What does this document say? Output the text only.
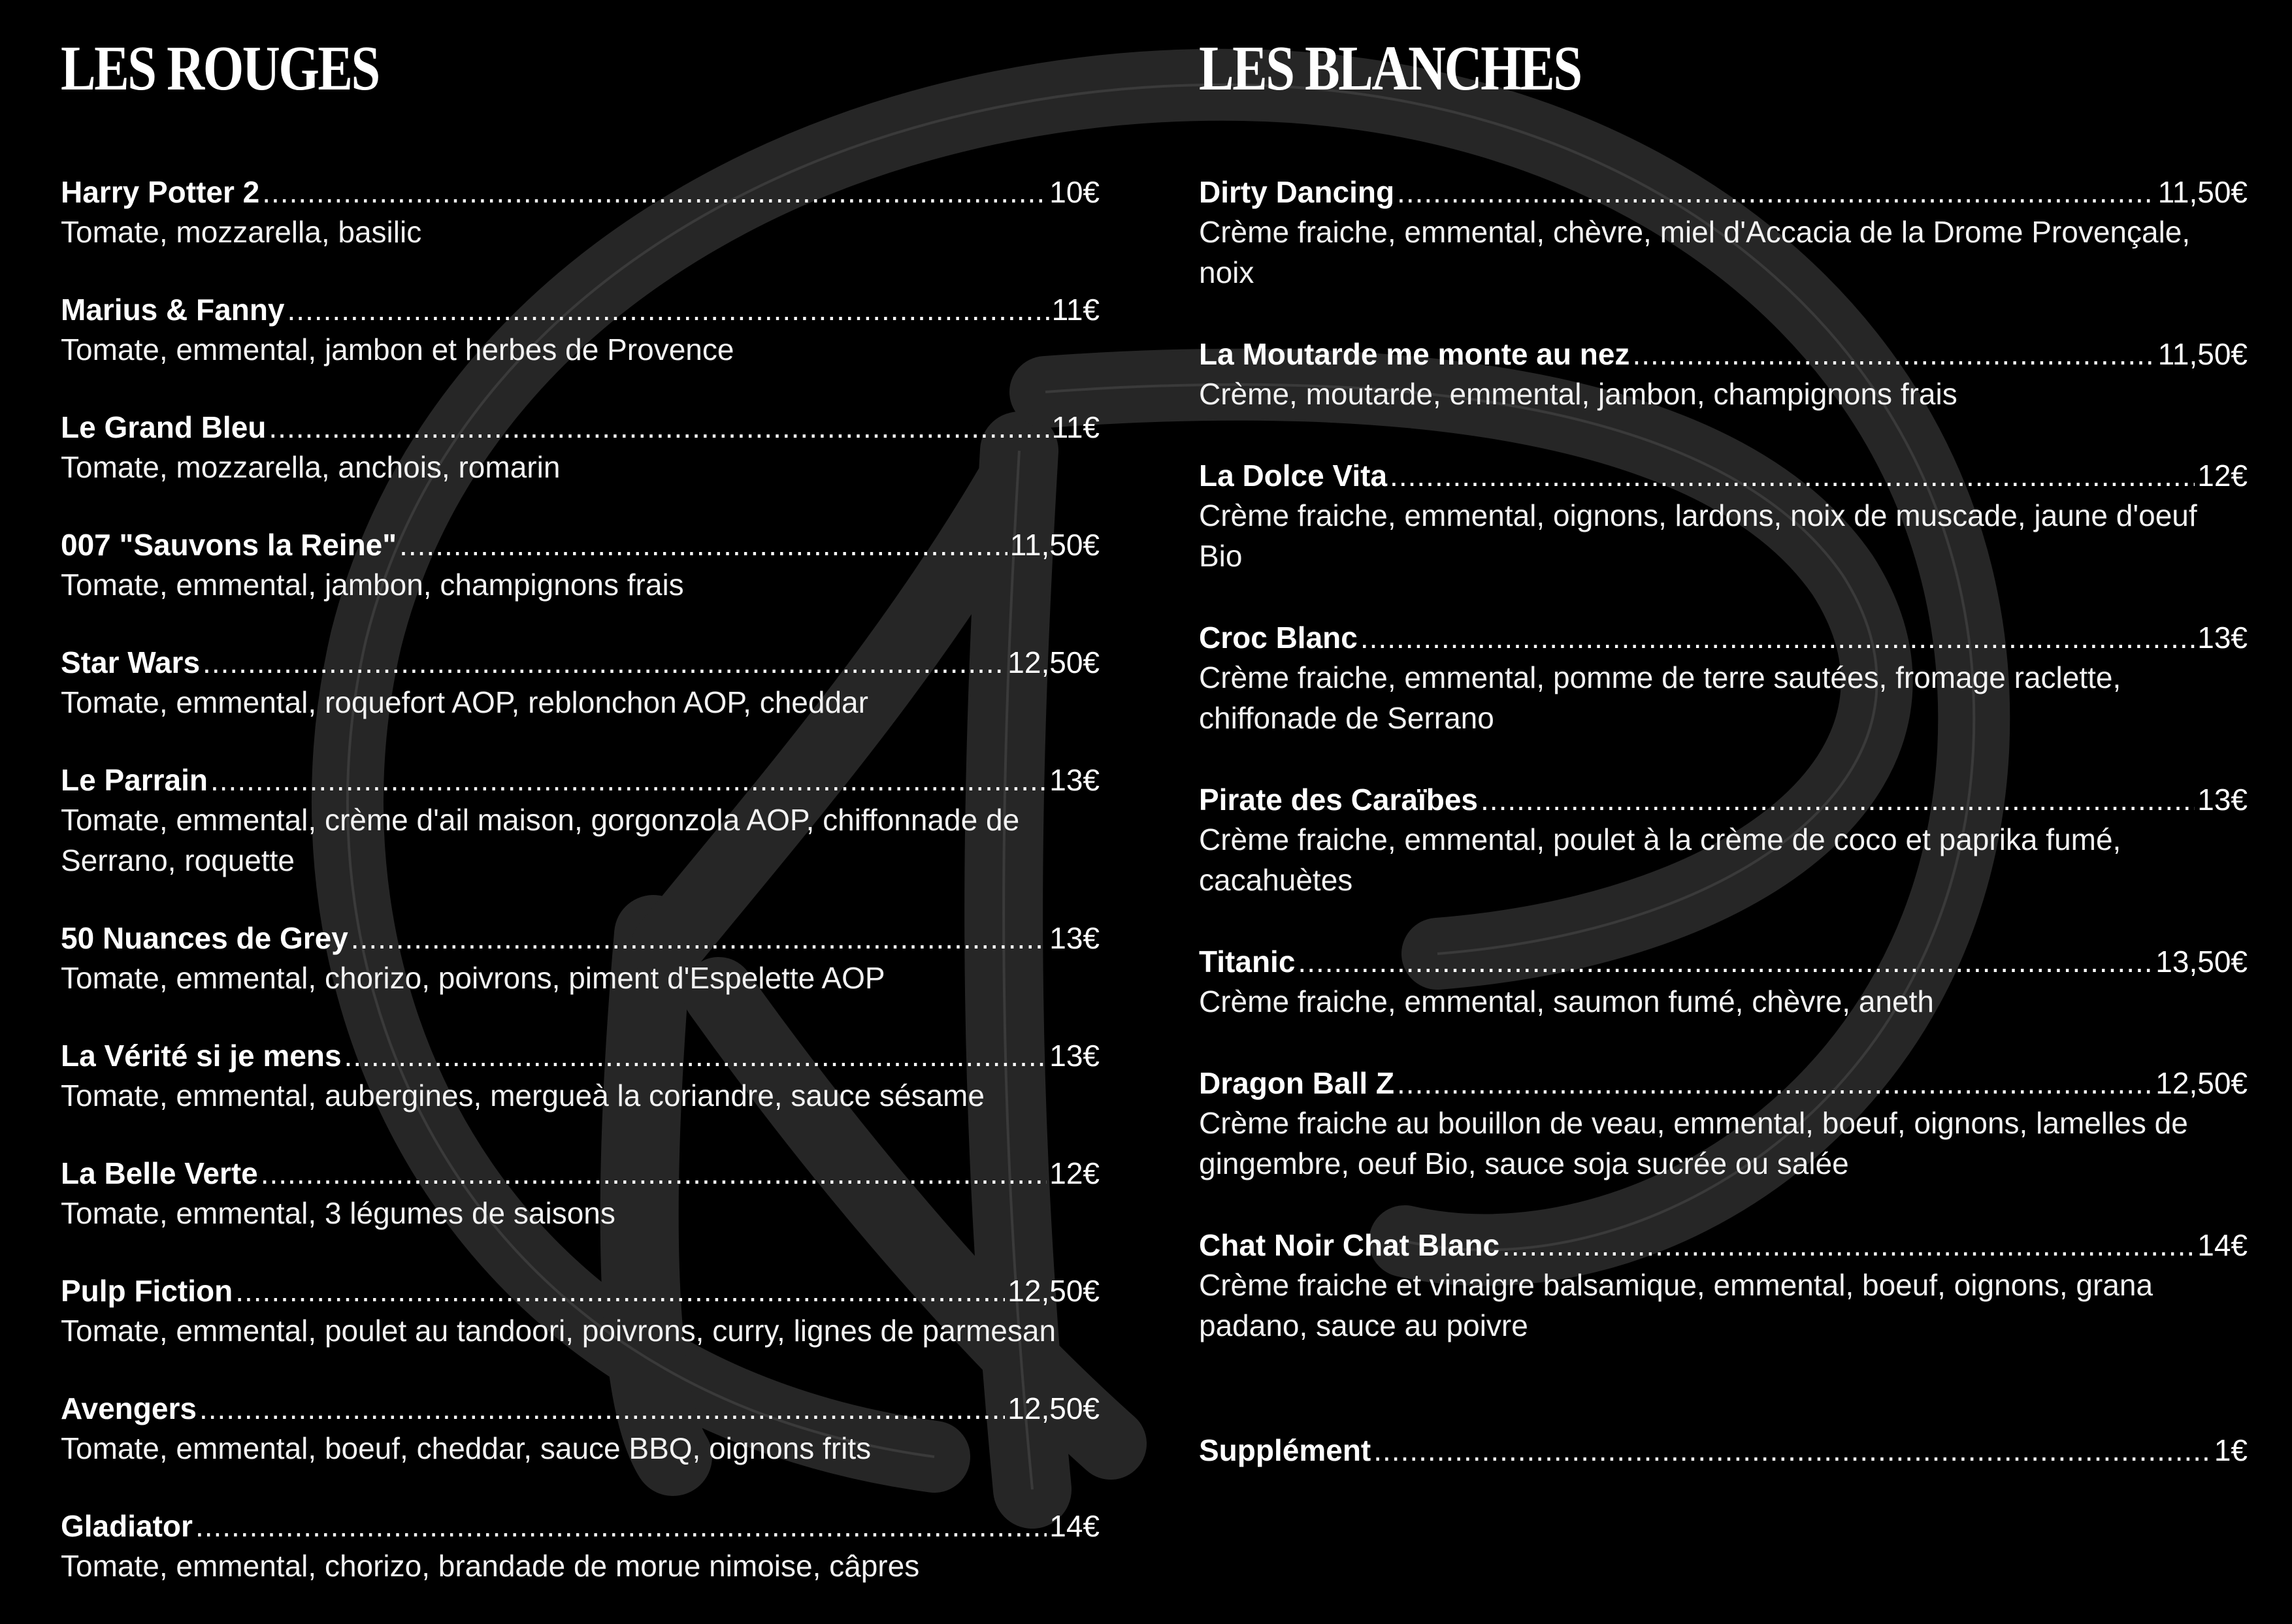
LES ROUGES
Harry Potter 2 .....	10€
Tomate, mozzarella, basilic
Marius & Fanny .....	11€
Tomate, emmental, jambon et herbes de Provence
Le Grand Bleu .....	11€
Tomate, mozzarella, anchois, romarin
007 "Sauvons la Reine" .....	11,50€
Tomate, emmental, jambon, champignons frais
Star Wars .....	12,50€
Tomate, emmental, roquefort AOP, reblonchon AOP, cheddar
Le Parrain .....	13€
Tomate, emmental, crème d'ail maison, gorgonzola AOP, chiffonnade de Serrano, roquette
50 Nuances de Grey .....	13€
Tomate, emmental, chorizo, poivrons, piment d'Espelette AOP
La Vérité si je mens .....	13€
Tomate, emmental, aubergines, mergueà la coriandre, sauce sésame
La Belle Verte .....	12€
Tomate, emmental, 3 légumes de saisons
Pulp Fiction .....	12,50€
Tomate, emmental, poulet au tandoori, poivrons, curry, lignes de parmesan
Avengers .....	12,50€
Tomate, emmental, boeuf, cheddar, sauce BBQ, oignons frits
Gladiator .....	14€
Tomate, emmental, chorizo, brandade de morue nimoise, câpres
LES BLANCHES
Dirty Dancing .....	11,50€
Crème fraiche, emmental, chèvre, miel d'Accacia de la Drome Provençale, noix
La Moutarde me monte au nez .....	11,50€
Crème, moutarde, emmental, jambon, champignons frais
La Dolce Vita .....	12€
Crème fraiche, emmental, oignons, lardons, noix de muscade, jaune d'oeuf Bio
Croc Blanc .....	13€
Crème fraiche, emmental, pomme de terre sautées, fromage raclette, chiffonade de Serrano
Pirate des Caraïbes .....	13€
Crème fraiche, emmental, poulet à la crème de coco et paprika fumé, cacahuètes
Titanic .....	13,50€
Crème fraiche, emmental, saumon fumé, chèvre, aneth
Dragon Ball Z .....	12,50€
Crème fraiche au bouillon de veau, emmental, boeuf, oignons, lamelles de gingembre, oeuf Bio, sauce soja sucrée ou salée
Chat Noir Chat Blanc .....	14€
Crème fraiche et vinaigre balsamique, emmental, boeuf, oignons, grana padano, sauce au poivre
Supplément .....	1€
